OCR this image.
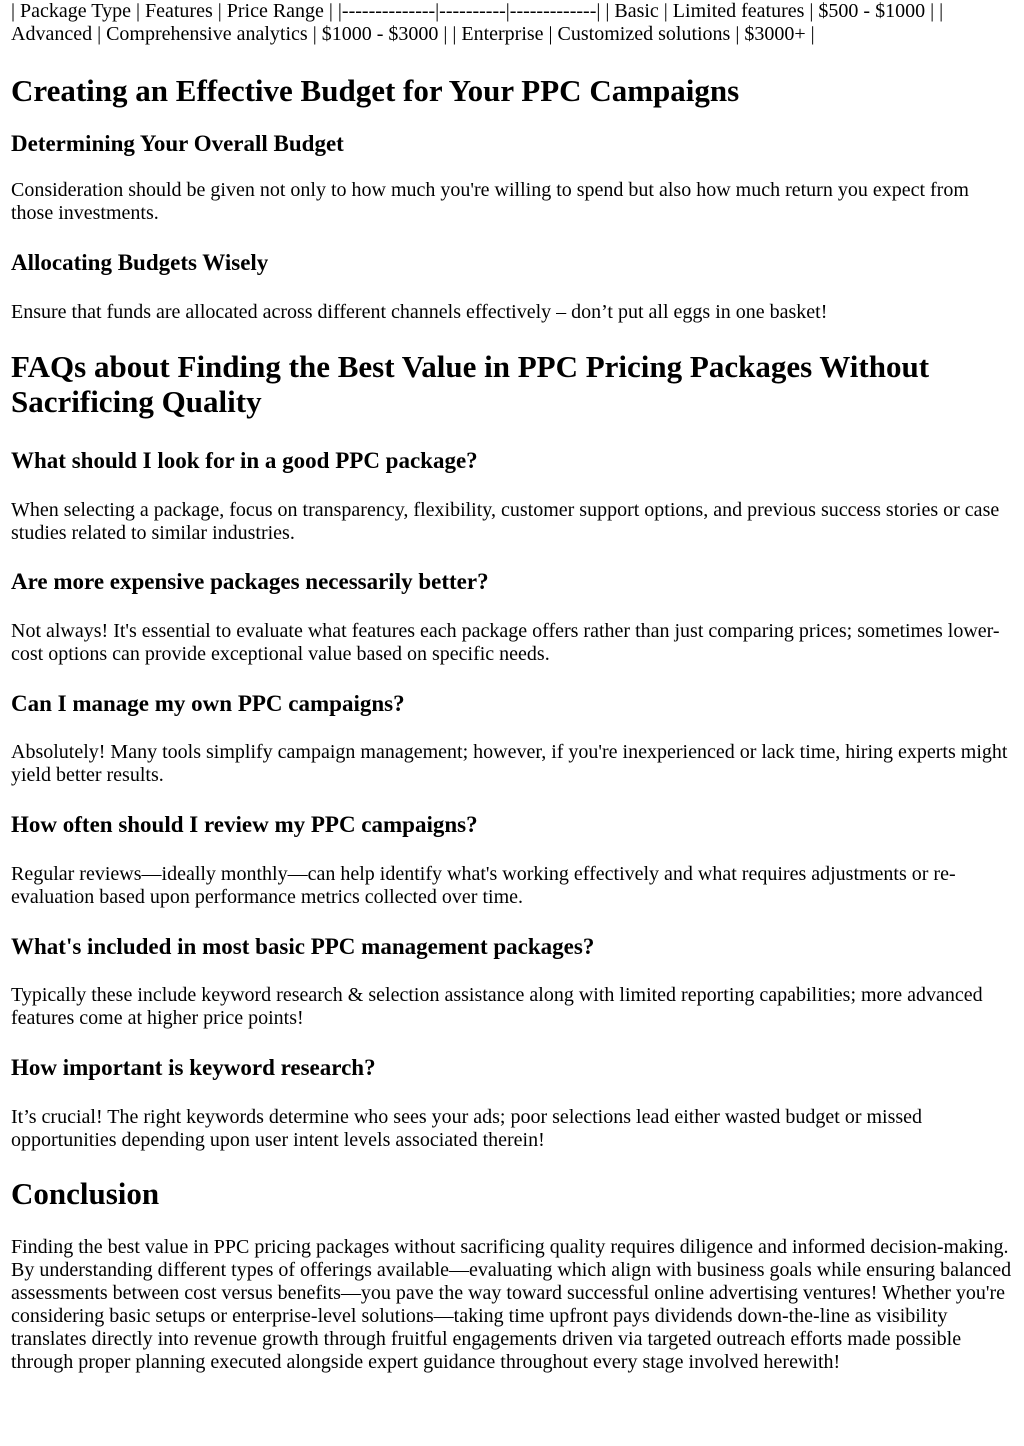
| Package Type | Features | Price Range | |--------------|----------|-------------| | Basic | Limited features | $500 - $1000 | | Advanced | Comprehensive analytics | $1000 - $3000 | | Enterprise | Customized solutions | $3000+ |

Creating an Effective Budget for Your PPC Campaigns
Determining Your Overall Budget

Consideration should be given not only to how much you're willing to spend but also how much return you expect from those investments.

Allocating Budgets Wisely

Ensure that funds are allocated across different channels effectively – don’t put all eggs in one basket!

FAQs about Finding the Best Value in PPC Pricing Packages Without Sacrificing Quality
What should I look for in a good PPC package?

When selecting a package, focus on transparency, flexibility, customer support options, and previous success stories or case studies related to similar industries.

Are more expensive packages necessarily better?

Not always! It's essential to evaluate what features each package offers rather than just comparing prices; sometimes lower-cost options can provide exceptional value based on specific needs.

Can I manage my own PPC campaigns?

Absolutely! Many tools simplify campaign management; however, if you're inexperienced or lack time, hiring experts might yield better results.

How often should I review my PPC campaigns?

Regular reviews—ideally monthly—can help identify what's working effectively and what requires adjustments or re-evaluation based upon performance metrics collected over time.

What's included in most basic PPC management packages?

Typically these include keyword research & selection assistance along with limited reporting capabilities; more advanced features come at higher price points!

How important is keyword research?

It’s crucial! The right keywords determine who sees your ads; poor selections lead either wasted budget or missed opportunities depending upon user intent levels associated therein!

Conclusion

Finding the best value in PPC pricing packages without sacrificing quality requires diligence and informed decision-making. By understanding different types of offerings available—evaluating which align with business goals while ensuring balanced assessments between cost versus benefits—you pave the way toward successful online advertising ventures! Whether you're considering basic setups or enterprise-level solutions—taking time upfront pays dividends down-the-line as visibility translates directly into revenue growth through fruitful engagements driven via targeted outreach efforts made possible through proper planning executed alongside expert guidance throughout every stage involved herewith!
